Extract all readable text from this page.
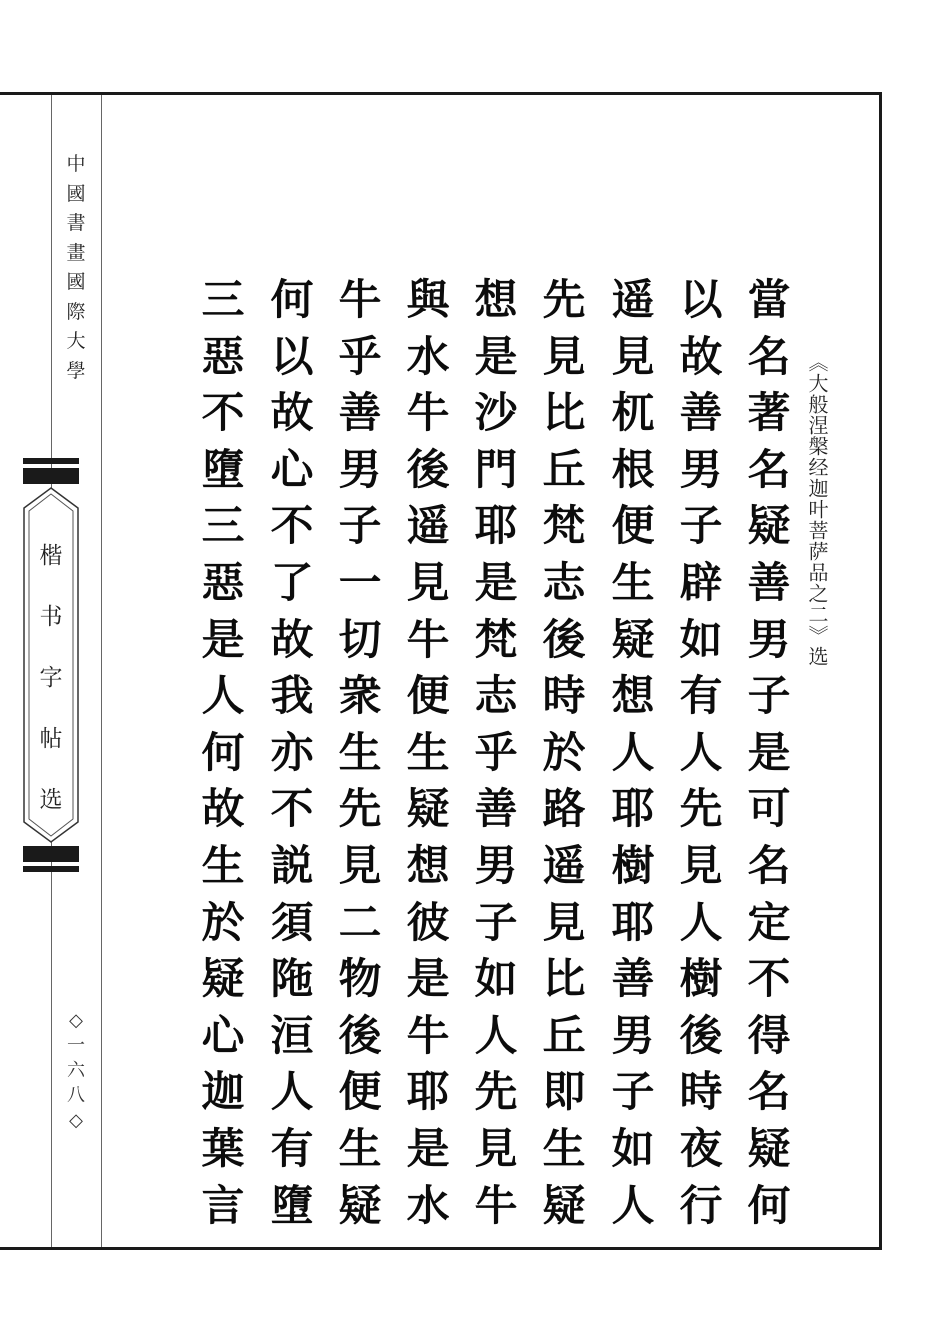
中
國
書
畫
國
際
大
學
楷
书
字
帖
选
◇
一
六
八
◇
《大般涅槃经迦叶菩萨品之二》选
當
名
著
名
疑
善
男
子
是
可
名
定
不
得
名
疑
何
以
故
善
男
子
辟
如
有
人
先
見
人
樹
後
時
夜
行
遥
見
杌
根
便
生
疑
想
人
耶
樹
耶
善
男
子
如
人
先
見
比
丘
梵
志
後
時
於
路
遥
見
比
丘
即
生
疑
想
是
沙
門
耶
是
梵
志
乎
善
男
子
如
人
先
見
牛
與
水
牛
後
遥
見
牛
便
生
疑
想
彼
是
牛
耶
是
水
牛
乎
善
男
子
一
切
衆
生
先
見
二
物
後
便
生
疑
何
以
故
心
不
了
故
我
亦
不
説
須
陁
洹
人
有
墮
三
惡
不
墮
三
惡
是
人
何
故
生
於
疑
心
迦
葉
言
